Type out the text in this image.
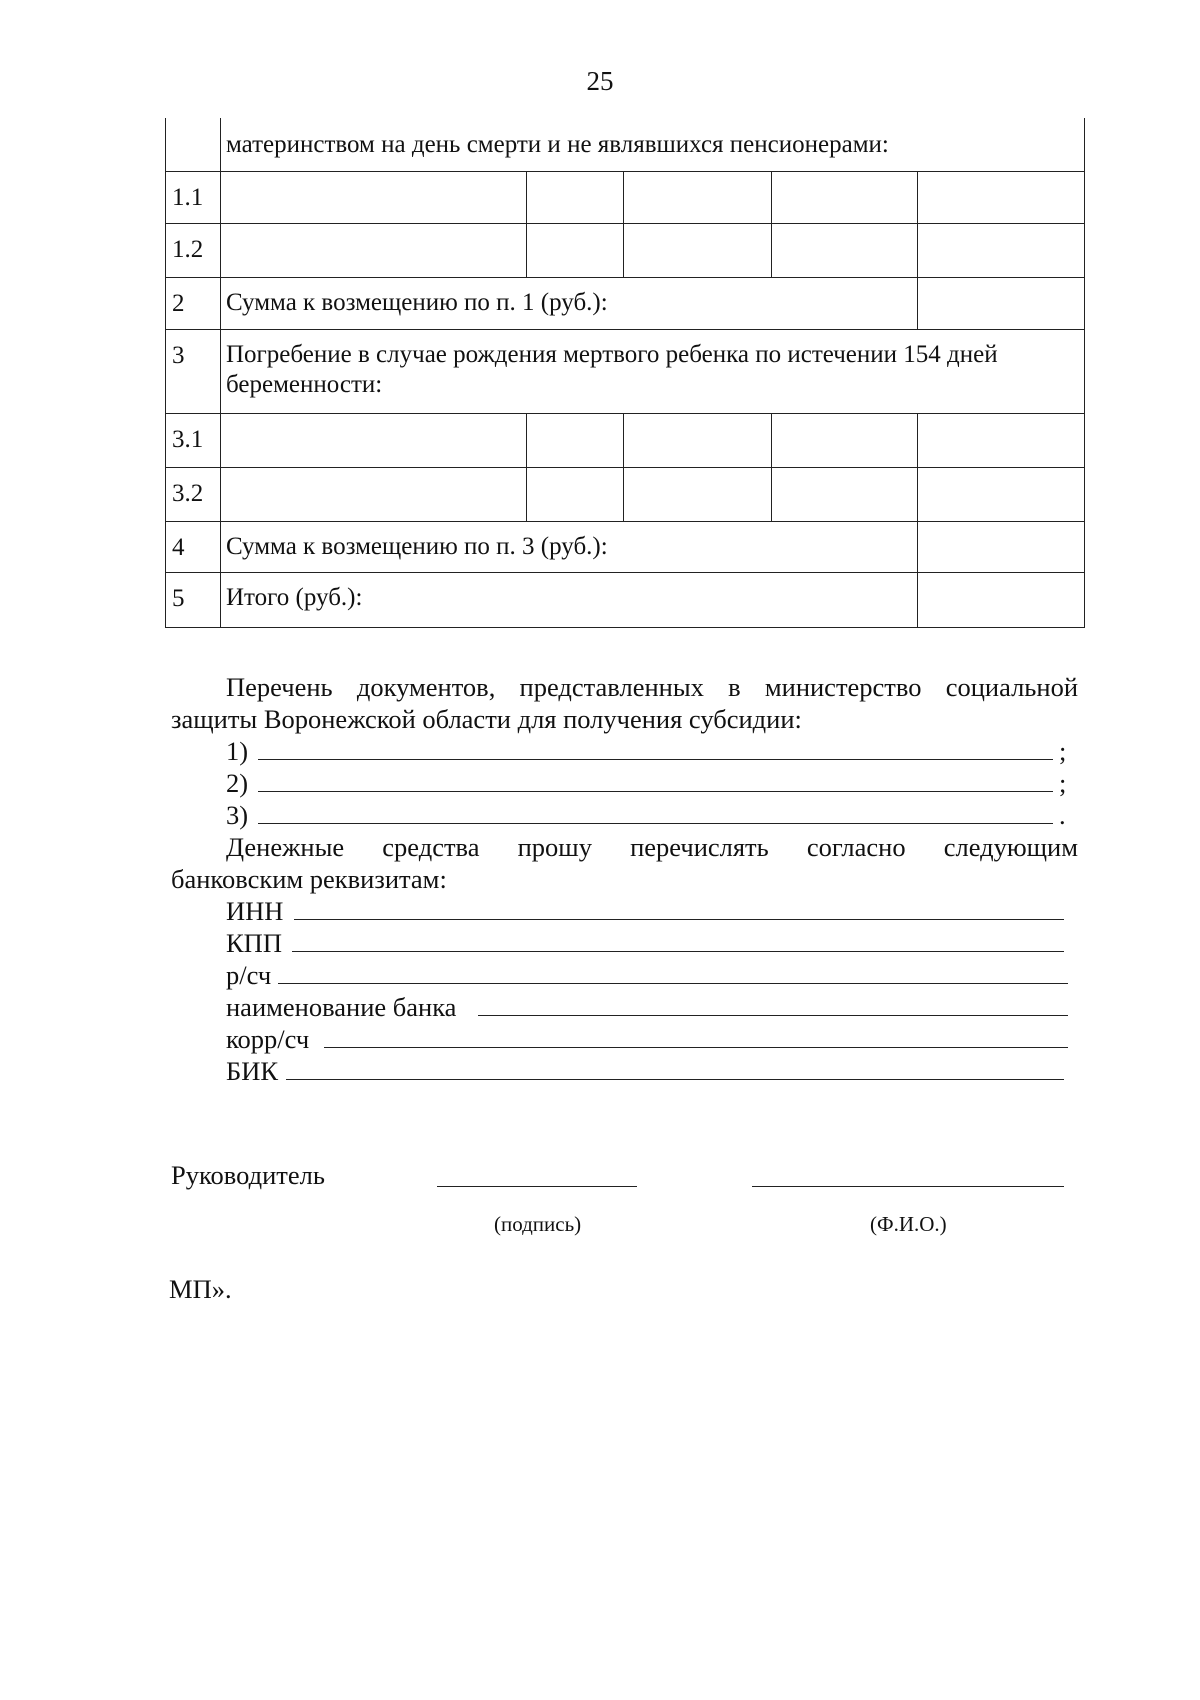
25
	материнством на день смерти и не являвшихся пенсионерами:				
1.1					
1.2					
2	Сумма к возмещению по п. 1 (руб.):				
3	Погребение в случае рождения мертвого ребенка по истечении 154 дней беременности:				
3.1					
3.2					
4	Сумма к возмещению по п. 3 (руб.):				
5	Итого (руб.):				
Перечень документов, представленных в министерство социальной
защиты Воронежской области для получения субсидии:
1)	;
2)	;
3)	.
Денежные средства прошу перечислять согласно следующим
банковским реквизитам:
ИНН
КПП
р/сч
наименование банка
корр/сч
БИК
Руководитель
(подпись)	(Ф.И.О.)
МП».
